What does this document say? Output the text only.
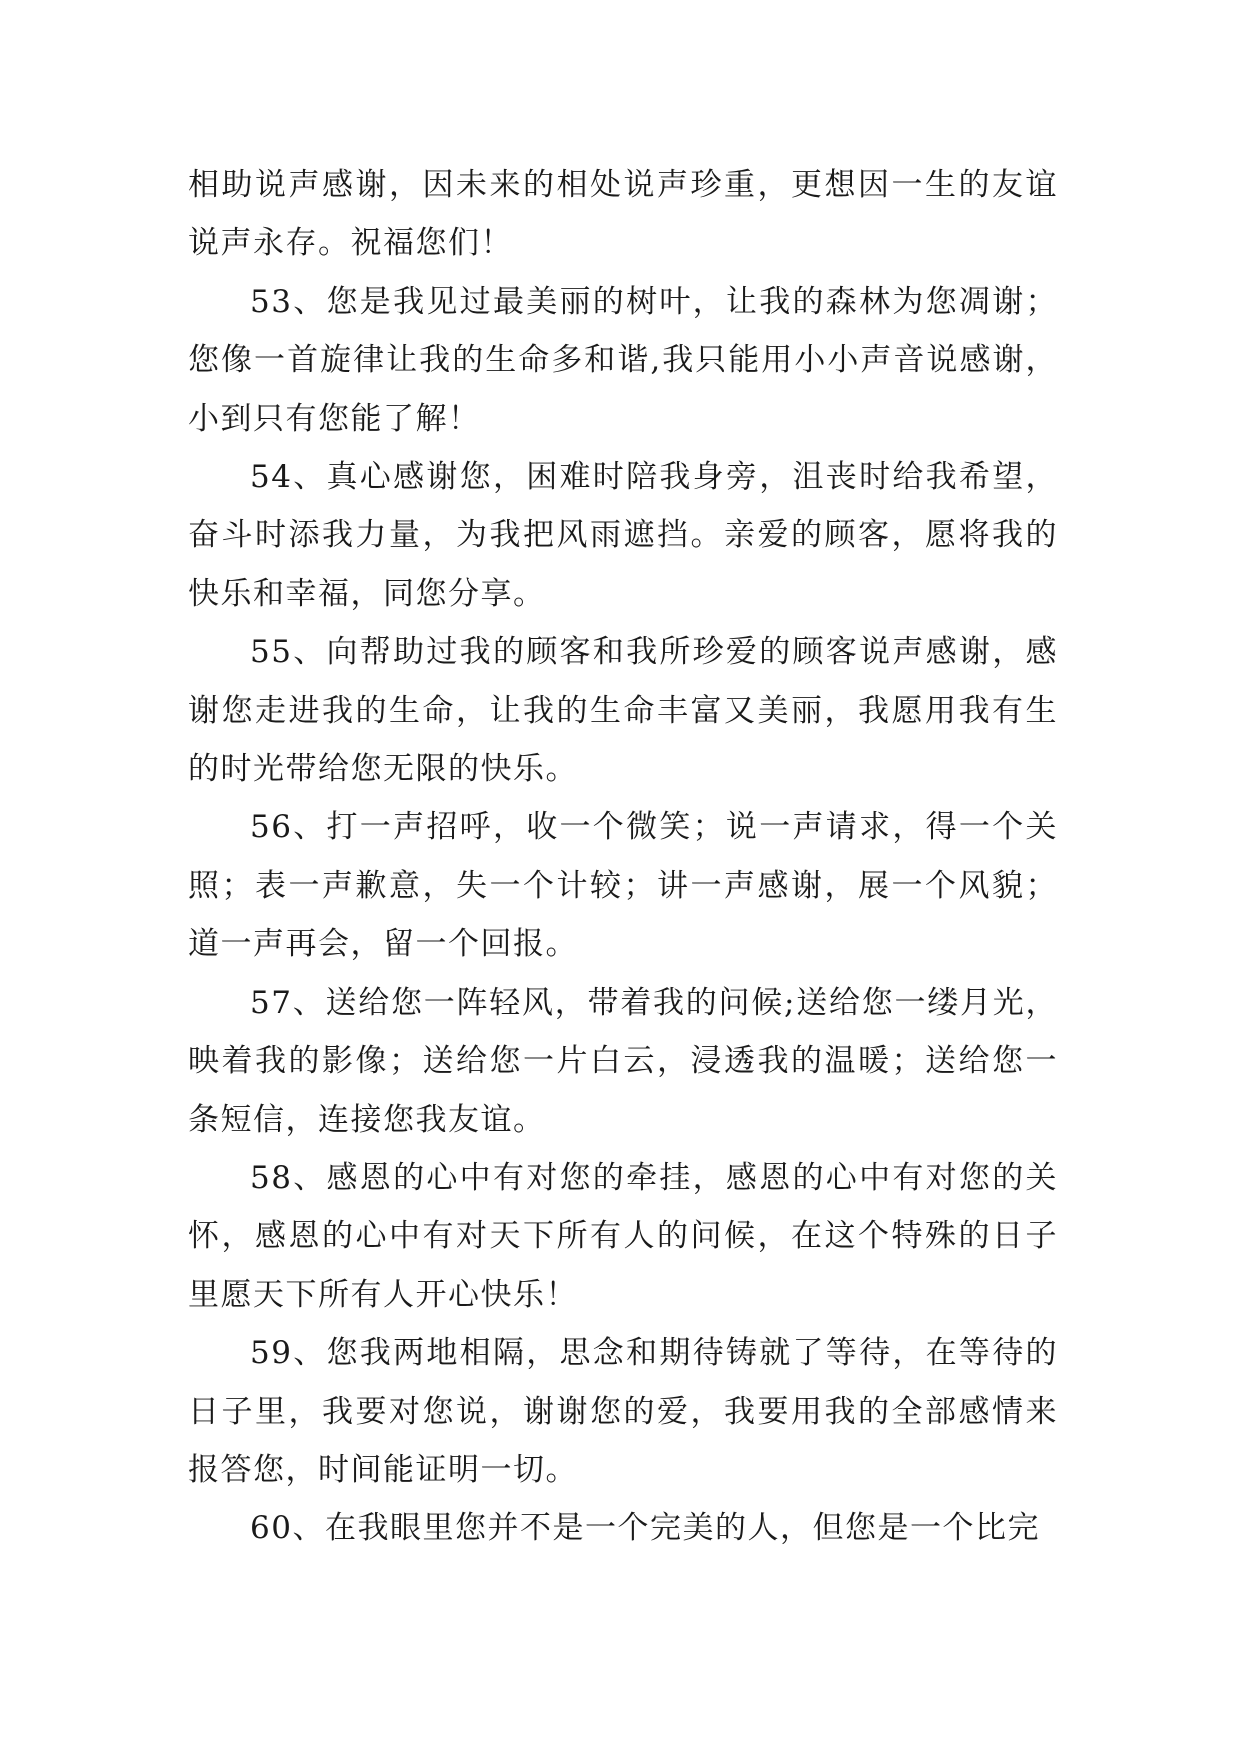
相助说声感谢，因未来的相处说声珍重，更想因一生的友谊说声永存。祝福您们！

53、您是我见过最美丽的树叶，让我的森林为您凋谢；您像一首旋律让我的生命多和谐,我只能用小小声音说感谢，小到只有您能了解！

54、真心感谢您，困难时陪我身旁，沮丧时给我希望，奋斗时添我力量，为我把风雨遮挡。亲爱的顾客，愿将我的快乐和幸福，同您分享。

55、向帮助过我的顾客和我所珍爱的顾客说声感谢，感谢您走进我的生命，让我的生命丰富又美丽，我愿用我有生的时光带给您无限的快乐。

56、打一声招呼，收一个微笑；说一声请求，得一个关照；表一声歉意，失一个计较；讲一声感谢，展一个风貌；道一声再会，留一个回报。

57、送给您一阵轻风，带着我的问候;送给您一缕月光，映着我的影像；送给您一片白云，浸透我的温暖；送给您一条短信，连接您我友谊。

58、感恩的心中有对您的牵挂，感恩的心中有对您的关怀，感恩的心中有对天下所有人的问候，在这个特殊的日子里愿天下所有人开心快乐！

59、您我两地相隔，思念和期待铸就了等待，在等待的日子里，我要对您说，谢谢您的爱，我要用我的全部感情来报答您，时间能证明一切。

60、在我眼里您并不是一个完美的人，但您是一个比完
